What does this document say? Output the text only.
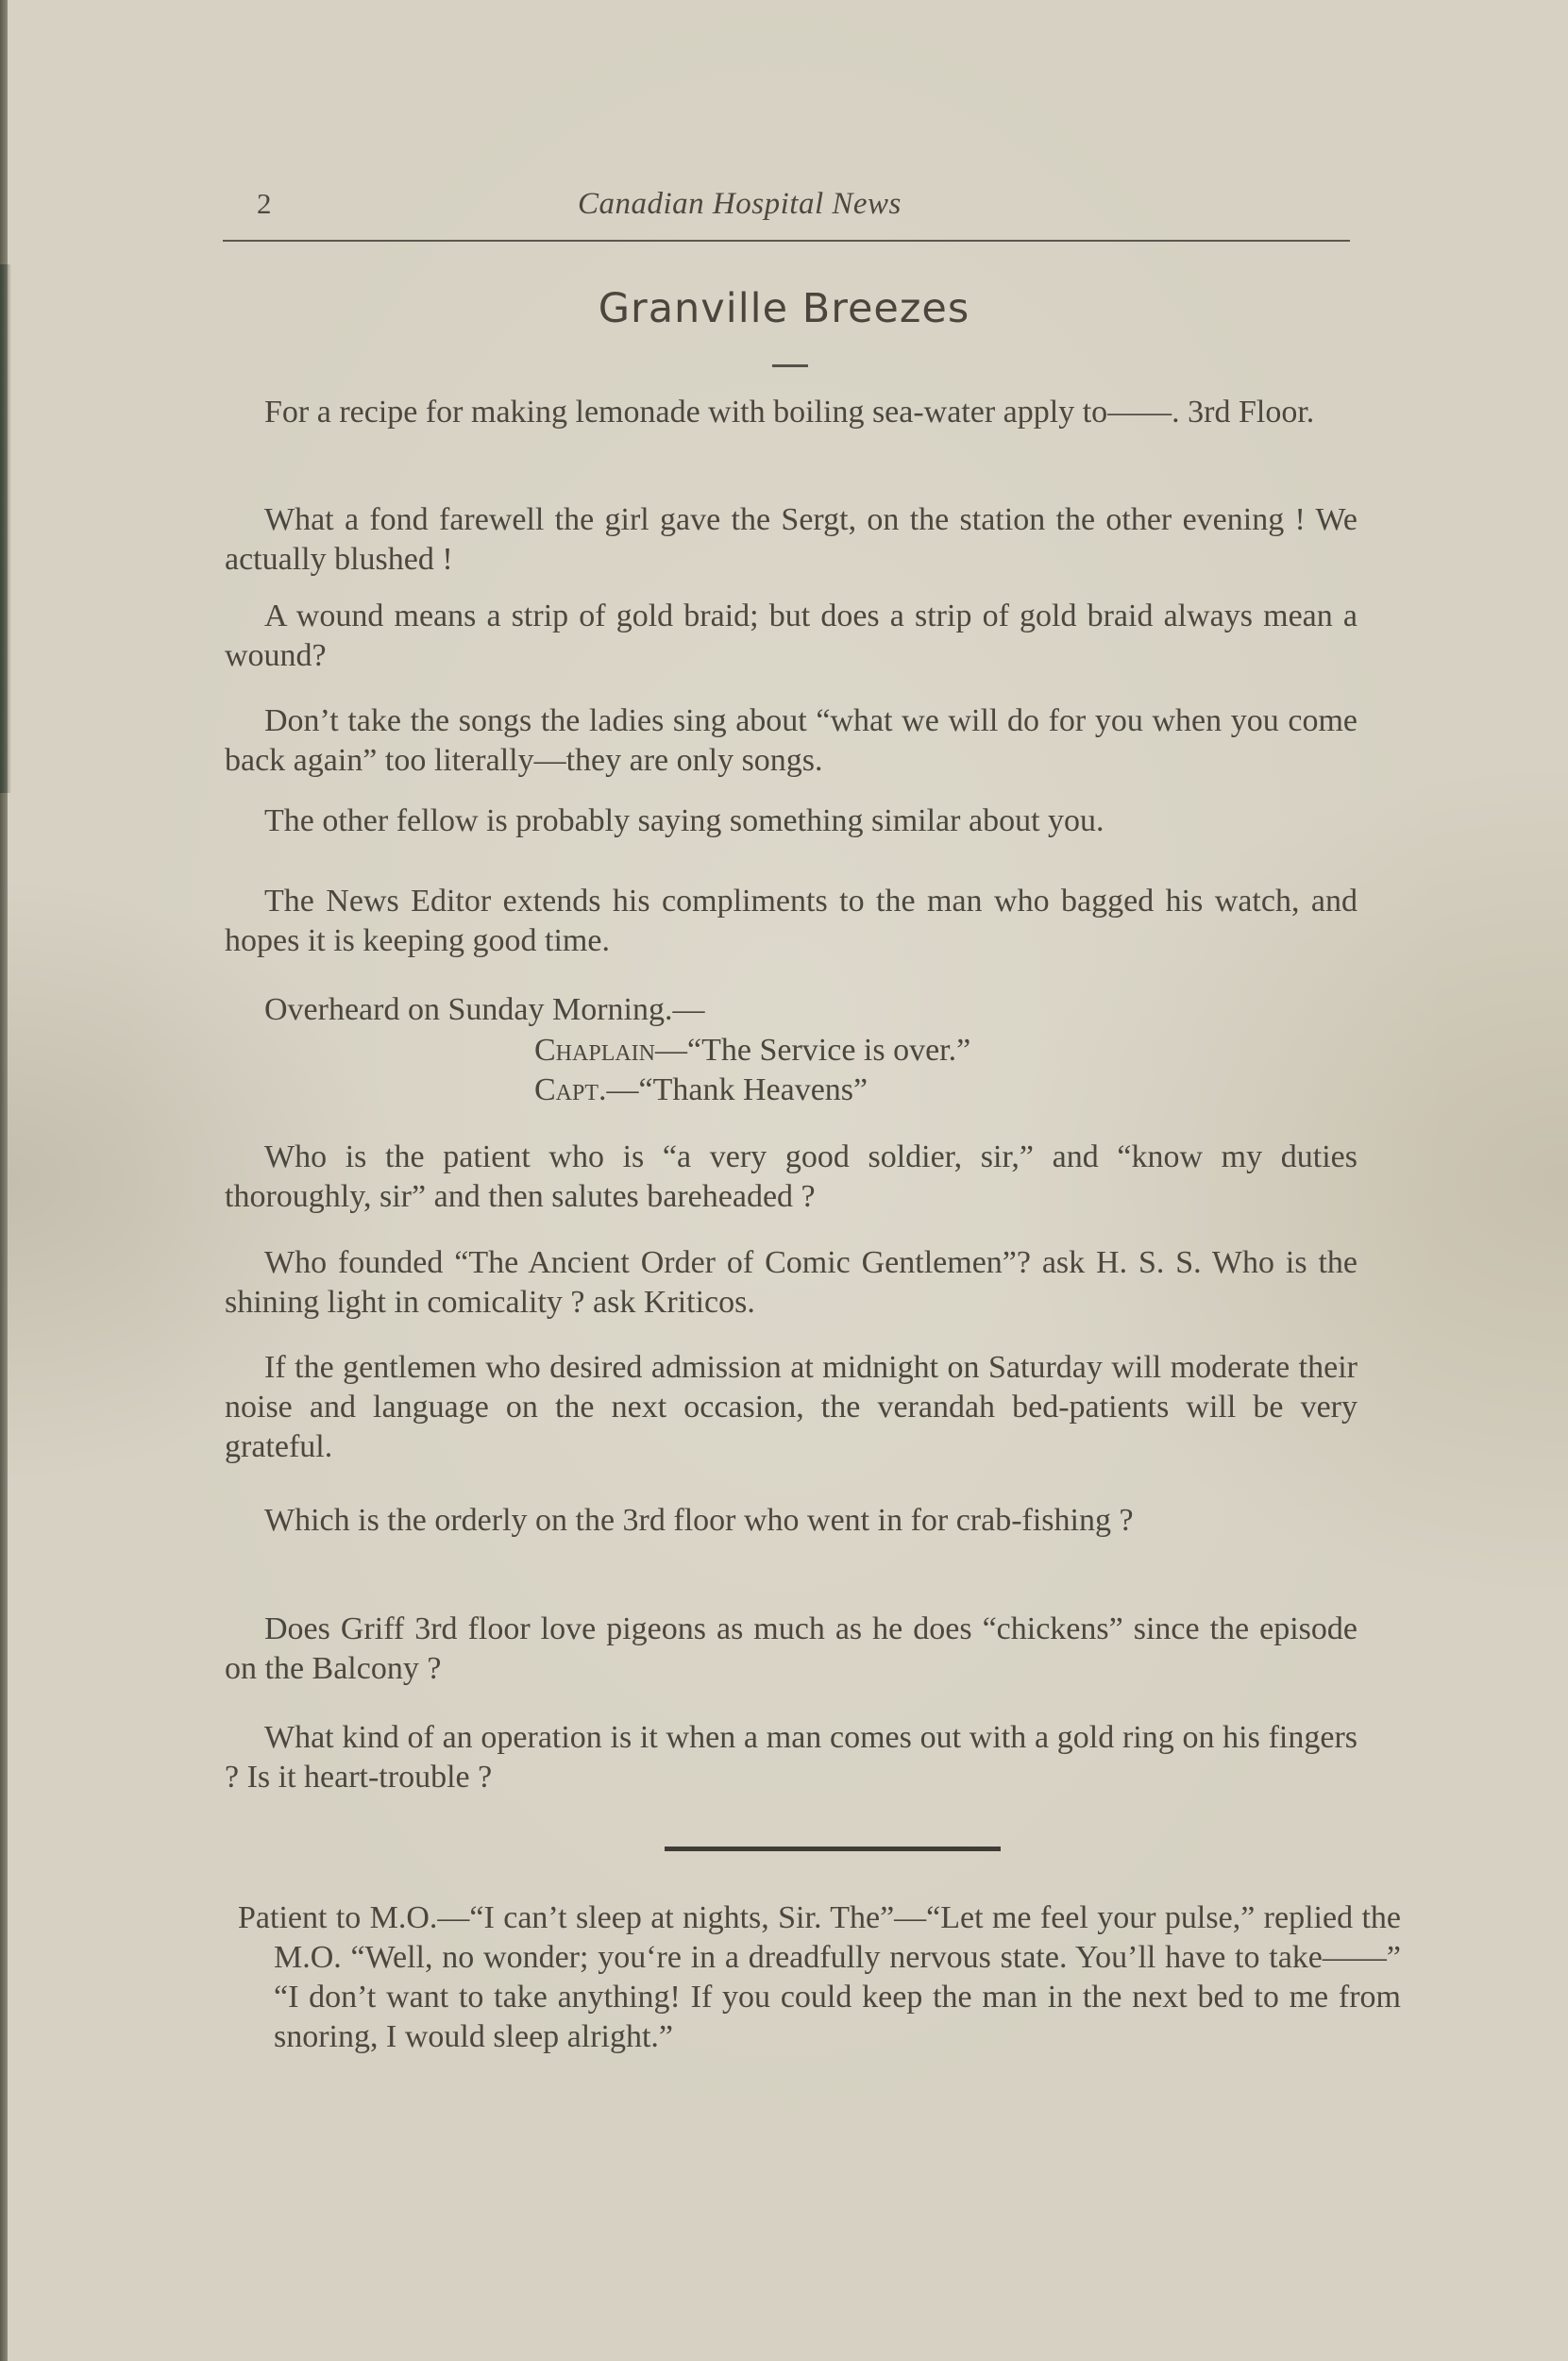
2	Canadian Hospital News
Granville Breezes

For a recipe for making lemonade with boiling sea-water apply to——. 3rd Floor.

What a fond farewell the girl gave the Sergt, on the station the other evening ! We actually blushed !

A wound means a strip of gold braid; but does a strip of gold braid always mean a wound?

Don’t take the songs the ladies sing about “what we will do for you when you come back again” too literally—they are only songs.

The other fellow is probably saying something similar about you.

The News Editor extends his compliments to the man who bagged his watch, and hopes it is keeping good time.

Overheard on Sunday Morning.—

Chaplain—“The Service is over.”

Capt.—“Thank Heavens”

Who is the patient who is “a very good soldier, sir,” and “know my duties thoroughly, sir” and then salutes bareheaded ?

Who founded “The Ancient Order of Comic Gentlemen”? ask H. S. S. Who is the shining light in comicality ? ask Kriticos.

If the gentlemen who desired admission at midnight on Saturday will moderate their noise and language on the next occasion, the verandah bed-patients will be very grateful.

Which is the orderly on the 3rd floor who went in for crab-fishing ?

Does Griff 3rd floor love pigeons as much as he does “chickens” since the episode on the Balcony ?

What kind of an operation is it when a man comes out with a gold ring on his fingers ? Is it heart-trouble ?

Patient to M.O.—“I can’t sleep at nights, Sir. The”—“Let me feel your pulse,” replied the M.O. “Well, no wonder; you‘re in a dreadfully nervous state. You’ll have to take——” “I don’t want to take anything! If you could keep the man in the next bed to me from snoring, I would sleep alright.”
